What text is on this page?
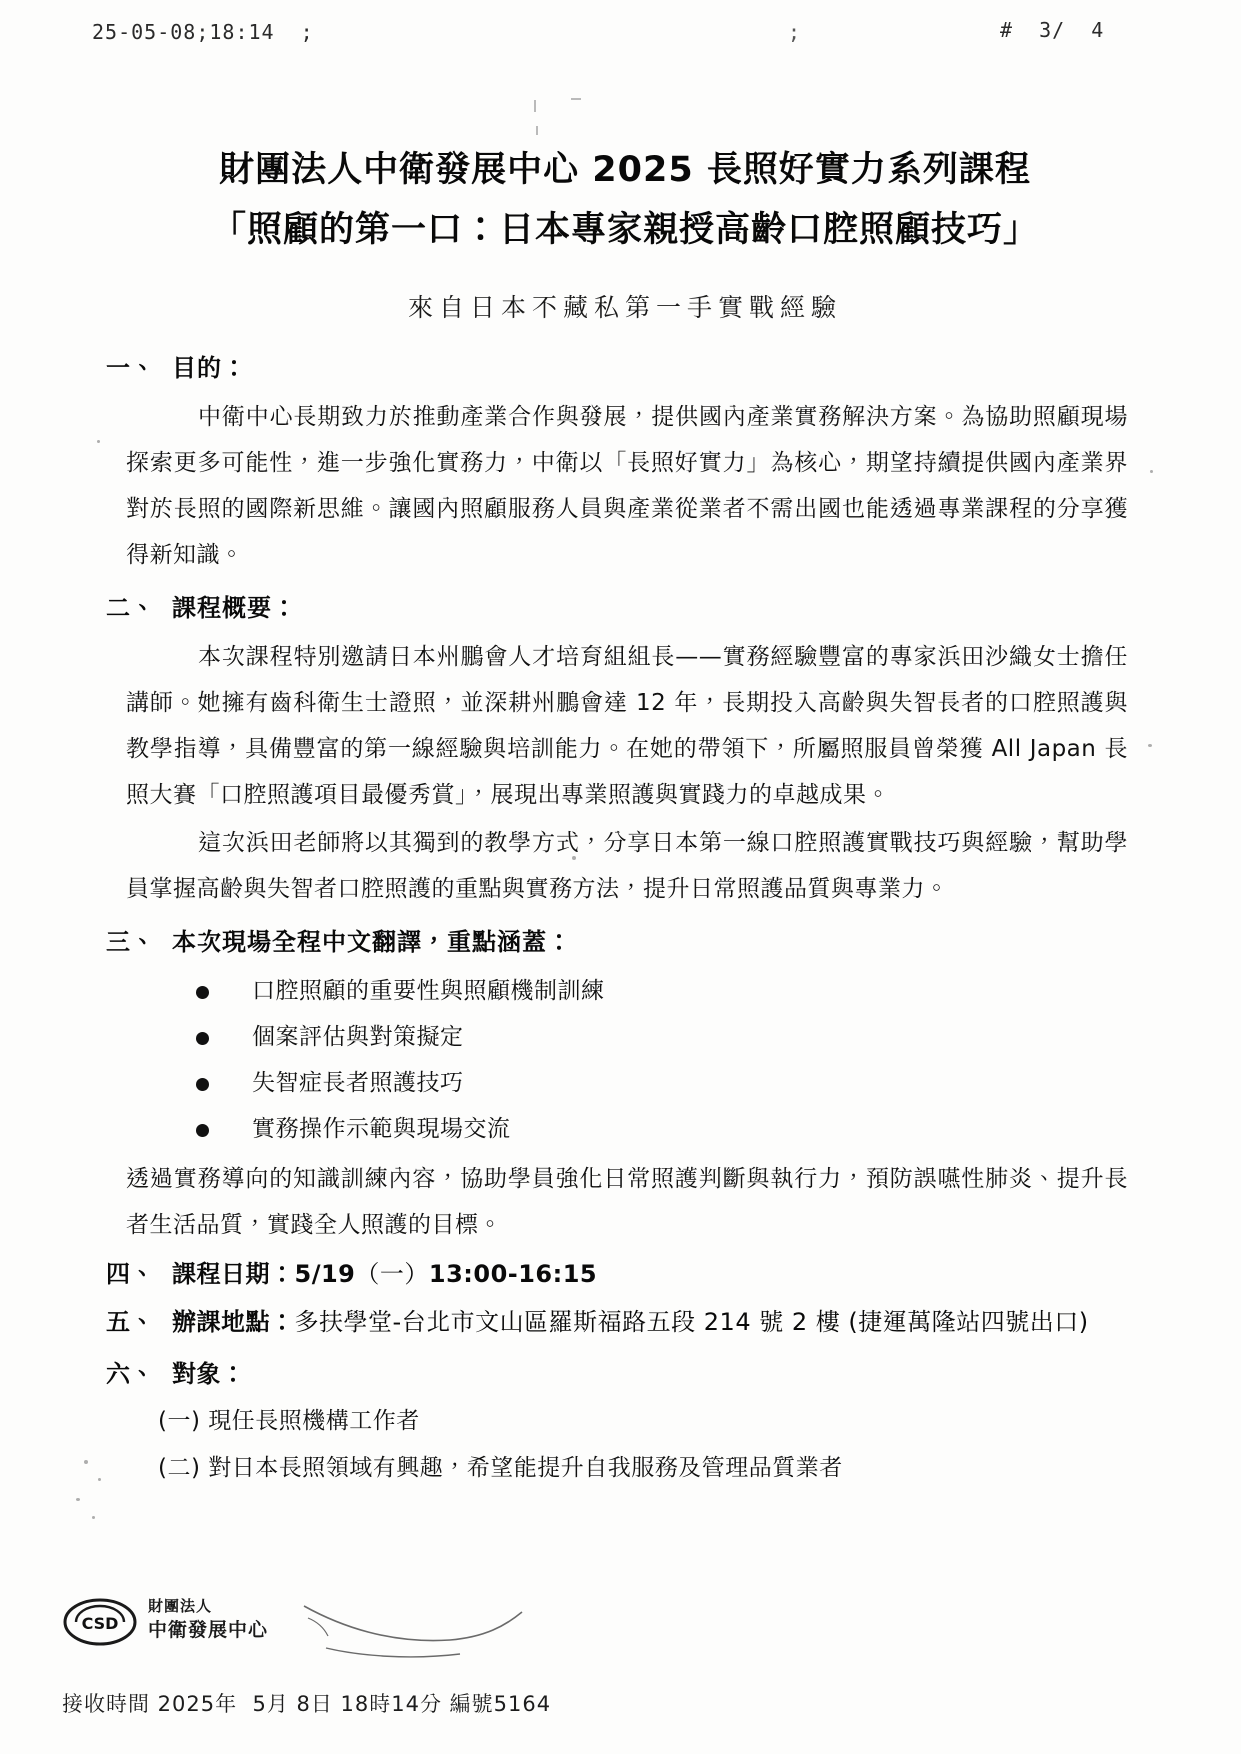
25-05-08;18:14  ;	;	#  3/  4
財團法人中衛發展中心 2025 長照好實力系列課程
「照顧的第一口：日本專家親授高齡口腔照顧技巧」
來自日本不藏私第一手實戰經驗
一、 目的：

中衛中心長期致力於推動產業合作與發展，提供國內產業實務解決方案。為協助照顧現場探索更多可能性，進一步強化實務力，中衛以「長照好實力」為核心，期望持續提供國內產業界對於長照的國際新思維。讓國內照顧服務人員與產業從業者不需出國也能透過專業課程的分享獲得新知識。

二、 課程概要：

本次課程特別邀請日本州鵬會人才培育組組長——實務經驗豐富的專家浜田沙織女士擔任講師。她擁有齒科衛生士證照，並深耕州鵬會達 12 年，長期投入高齡與失智長者的口腔照護與教學指導，具備豐富的第一線經驗與培訓能力。在她的帶領下，所屬照服員曾榮獲 All Japan 長照大賽「口腔照護項目最優秀賞」，展現出專業照護與實踐力的卓越成果。

這次浜田老師將以其獨到的教學方式，分享日本第一線口腔照護實戰技巧與經驗，幫助學員掌握高齡與失智者口腔照護的重點與實務方法，提升日常照護品質與專業力。

三、 本次現場全程中文翻譯，重點涵蓋：
口腔照顧的重要性與照顧機制訓練
個案評估與對策擬定
失智症長者照護技巧
實務操作示範與現場交流

透過實務導向的知識訓練內容，協助學員強化日常照護判斷與執行力，預防誤嚥性肺炎、提升長者生活品質，實踐全人照護的目標。

四、 課程日期：5/19（一）13:00-16:15
五、 辦課地點：多扶學堂-台北市文山區羅斯福路五段 214 號 2 樓 (捷運萬隆站四號出口)
六、 對象：
(一) 現任長照機構工作者
(二) 對日本長照領域有興趣，希望能提升自我服務及管理品質業者
CSD
財團法人
中衛發展中心
接收時間 2025年  5月 8日 18時14分 編號5164
